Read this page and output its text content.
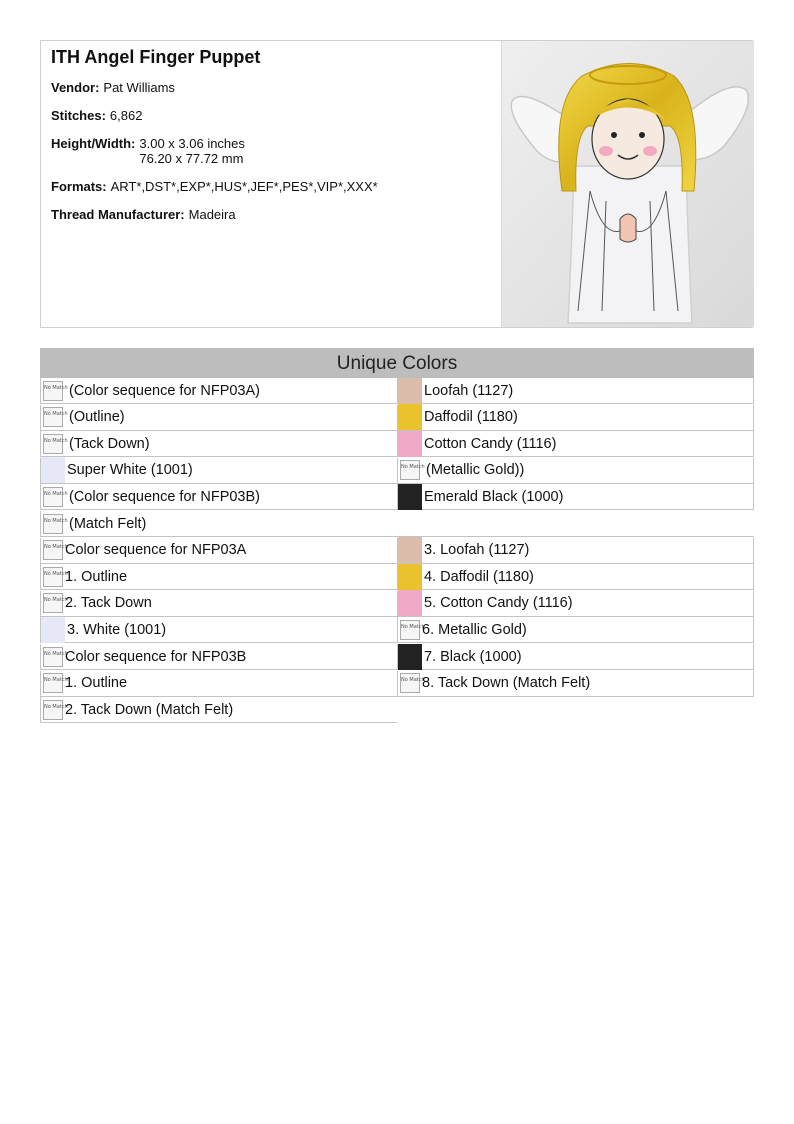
ITH Angel Finger Puppet
Vendor: Pat Williams
Stitches: 6,862
Height/Width: 3.00 x 3.06 inches
76.20 x 77.72 mm
Formats: ART*,DST*,EXP*,HUS*,JEF*,PES*,VIP*,XXX*
Thread Manufacturer: Madeira
Unique Colors
No Match (Color sequence for NFP03A)
No Match (Outline)
No Match (Tack Down)
Super White (1001)
No Match (Color sequence for NFP03B)
No Match (Match Felt)
No Match
Color sequence for NFP03A
No Match
1. Outline
No Match
2. Tack Down
3. White (1001)
No Match
Color sequence for NFP03B
No Match
1. Outline
No Match
2. Tack Down (Match Felt)
Loofah (1127)
Daffodil (1180)
Cotton Candy (1116)
No Match (Metallic Gold))
Emerald Black (1000)
3. Loofah (1127)
4. Daffodil (1180)
5. Cotton Candy (1116)
No Match
6. Metallic Gold)
7. Black (1000)
No Match
8. Tack Down (Match Felt)
